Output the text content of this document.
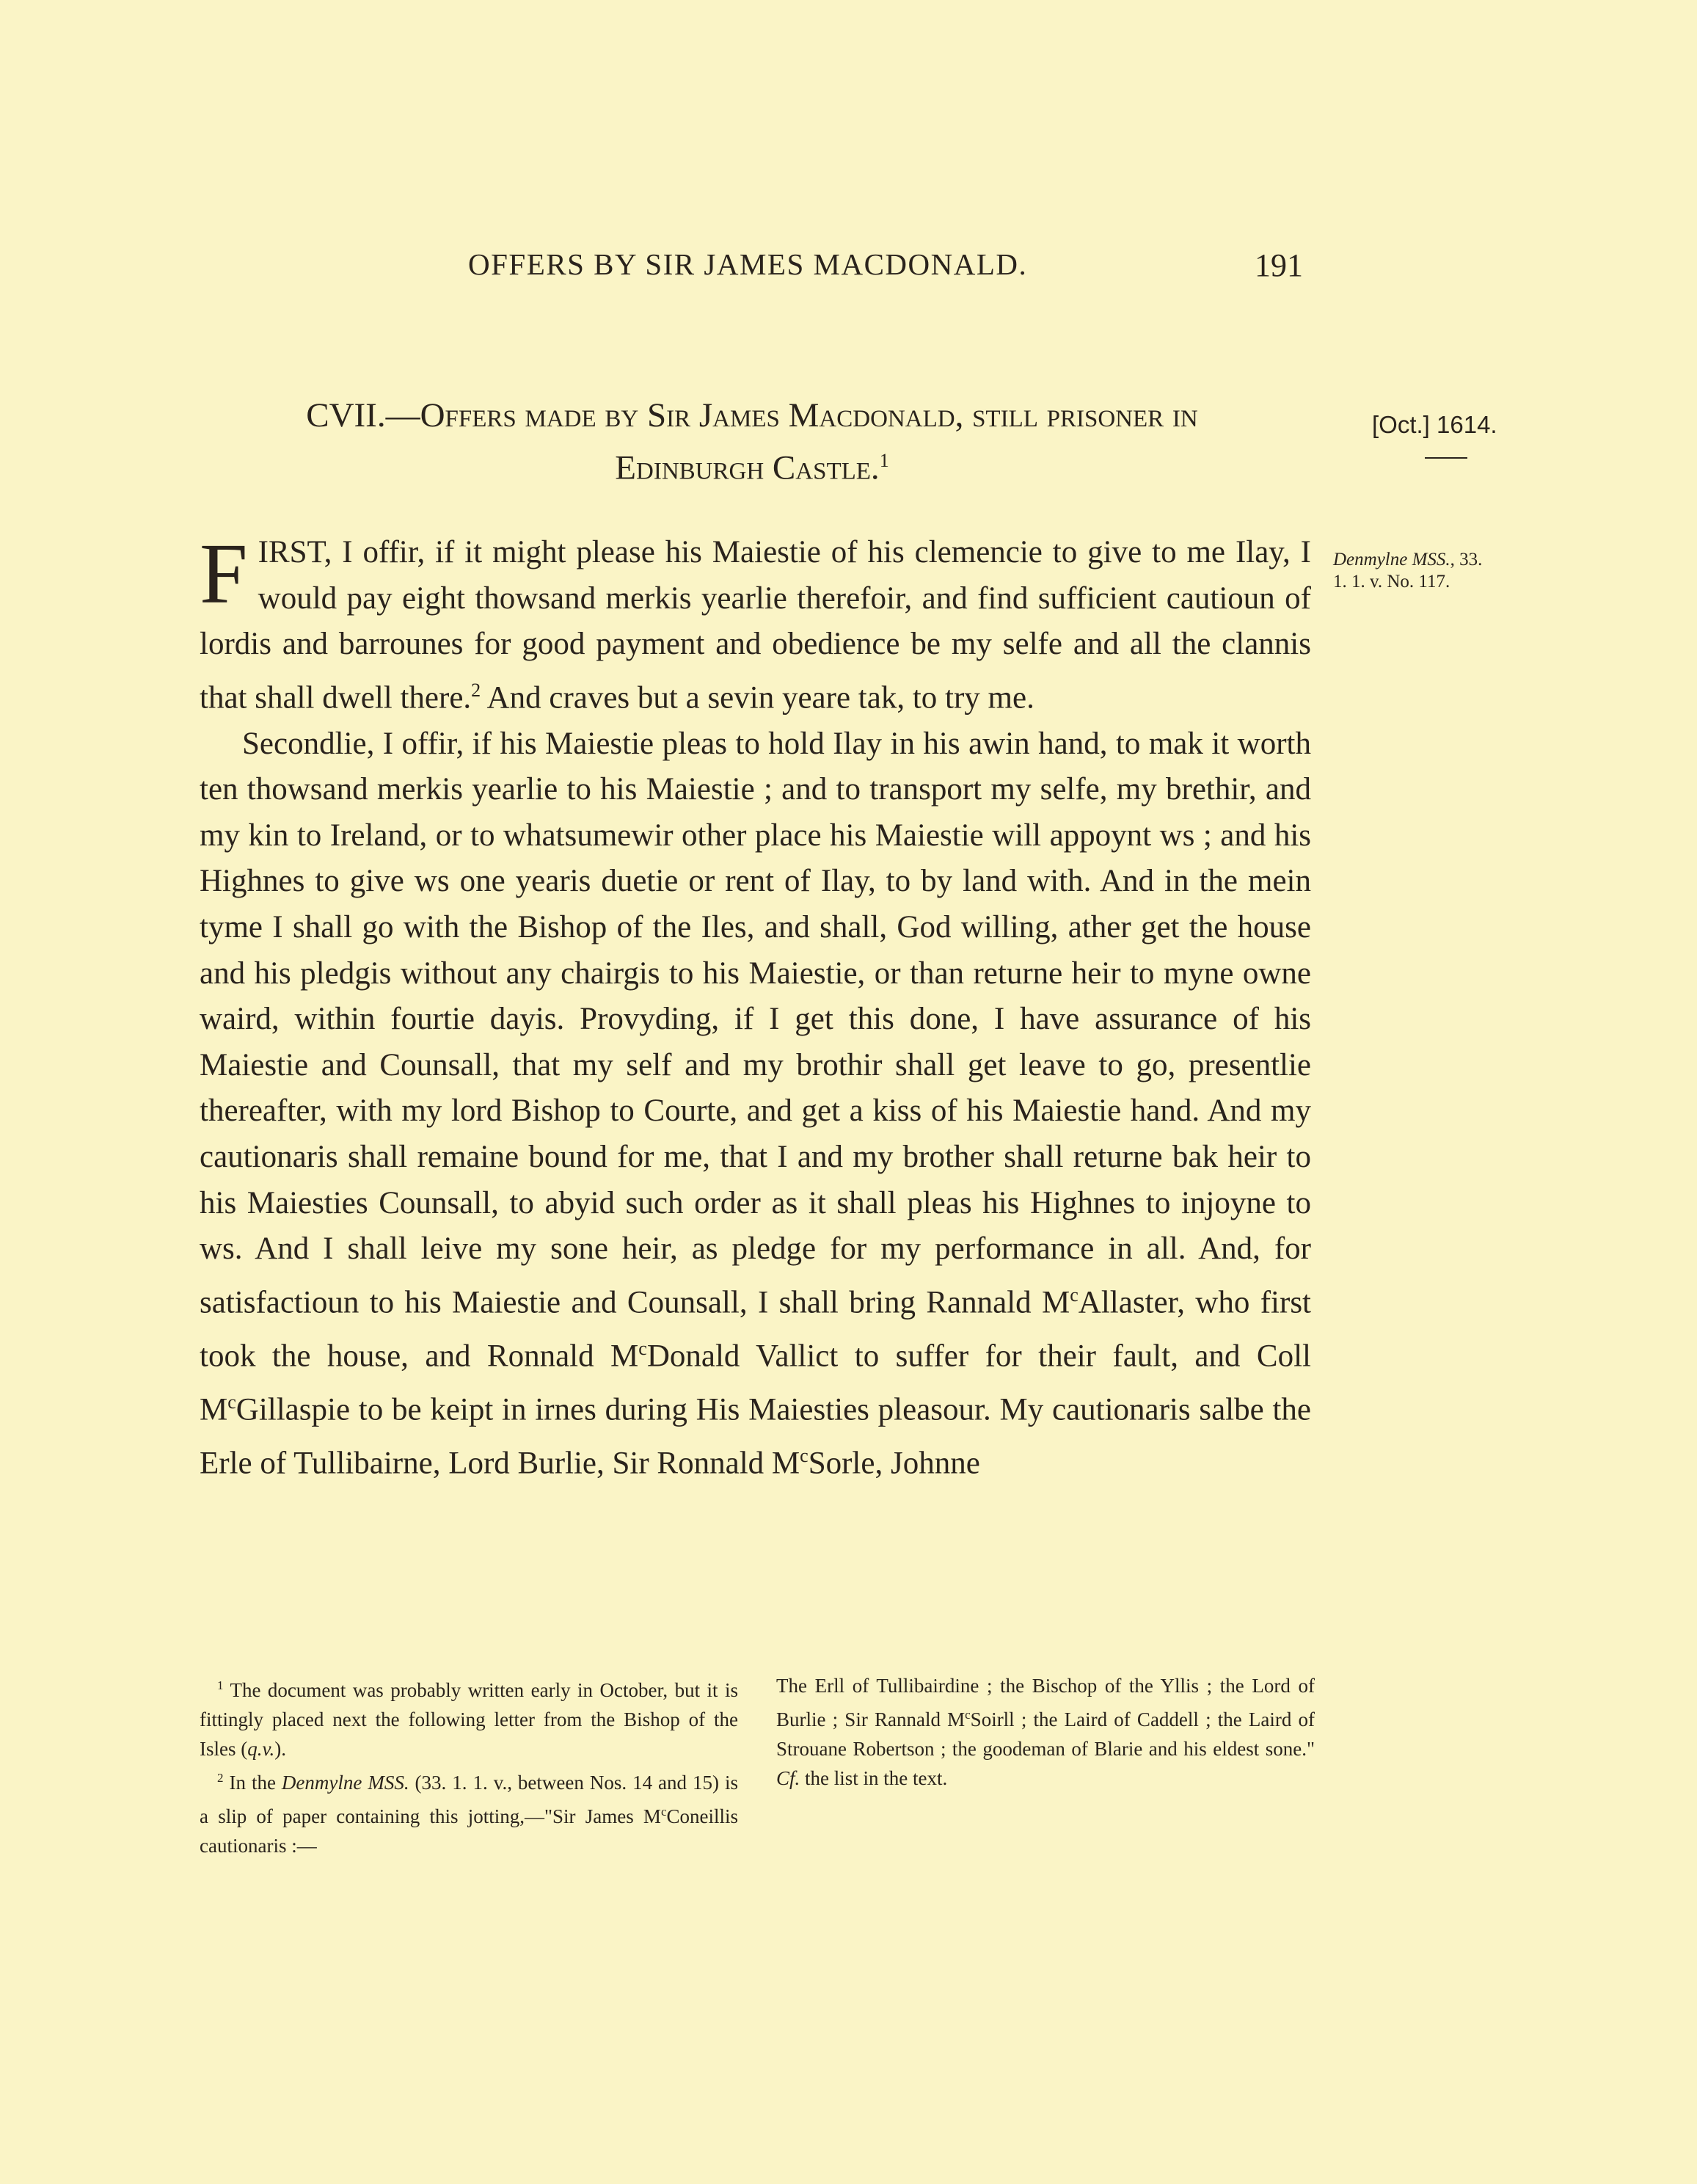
OFFERS BY SIR JAMES MACDONALD.	191
CVII.—Offers made by Sir James Macdonald, still prisoner in
Edinburgh Castle.$^1$
[Oct.] 1614.
Denmylne MSS., 33.
1. 1. v. No. 117.

FIRST, I offir, if it might please his Maiestie of his clemencie to give to me Ilay, I would pay eight thowsand merkis yearlie therefoir, and find sufficient cautioun of lordis and barrounes for good payment and obedience be my selfe and all the clannis that shall dwell there.$^2$ And craves but a sevin yeare tak, to try me.

Secondlie, I offir, if his Maiestie pleas to hold Ilay in his awin hand, to mak it worth ten thowsand merkis yearlie to his Maiestie ; and to transport my selfe, my brethir, and my kin to Ireland, or to whatsumewir other place his Maiestie will appoynt ws ; and his Highnes to give ws one yearis duetie or rent of Ilay, to by land with. And in the mein tyme I shall go with the Bishop of the Iles, and shall, God willing, ather get the house and his pledgis without any chairgis to his Maiestie, or than returne heir to myne owne waird, within fourtie dayis. Provyding, if I get this done, I have assurance of his Maiestie and Counsall, that my self and my brothir shall get leave to go, presentlie thereafter, with my lord Bishop to Courte, and get a kiss of his Maiestie hand. And my cautionaris shall remaine bound for me, that I and my brother shall returne bak heir to his Maiesties Counsall, to abyid such order as it shall pleas his Highnes to injoyne to ws. And I shall leive my sone heir, as pledge for my performance in all. And, for satisfactioun to his Maiestie and Counsall, I shall bring Rannald $M^cAllaster$, who first took the house, and Ronnald $M^cDonald$ Vallict to suffer for their fault, and Coll $M^cGillaspie$ to be keipt in irnes during His Maiesties pleasour. My cautionaris salbe the Erle of Tullibairne, Lord Burlie, Sir Ronnald $M^cSorle$, Johnne

$^1$ The document was probably written early in October, but it is fittingly placed next the following letter from the Bishop of the Isles (q.v.).

$^2$ In the Denmylne MSS. (33. 1. 1. v., between Nos. 14 and 15) is a slip of paper containing this jotting,—"Sir James $M^cConeillis$ cautionaris :—

The Erll of Tullibairdine ; the Bischop of the Yllis ; the Lord of Burlie ; Sir Rannald $M^cSoirll$ ; the Laird of Caddell ; the Laird of Strouane Robertson ; the goodeman of Blarie and his eldest sone." Cf. the list in the text.
